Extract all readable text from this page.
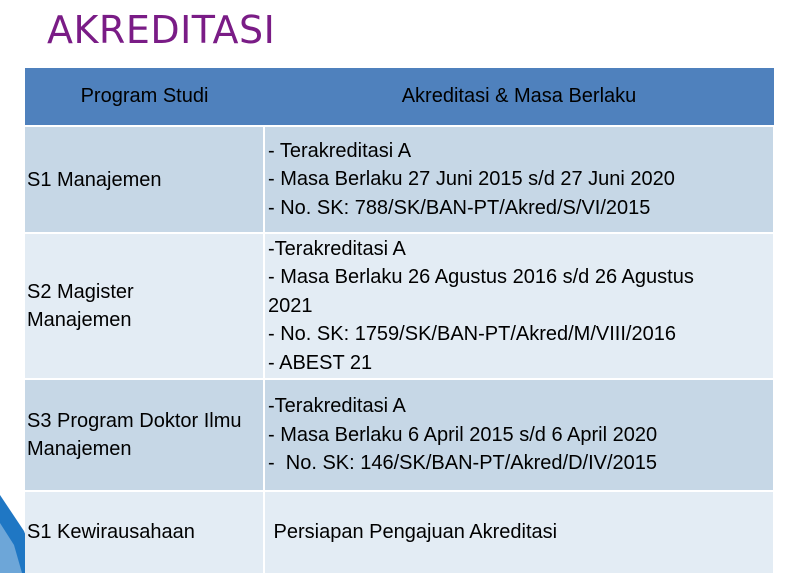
AKREDITASI
Program Studi	Akreditasi & Masa Berlaku

S1 Manajemen	- Terakreditasi A
- Masa Berlaku 27 Juni 2015 s/d 27 Juni 2020
- No. SK: 788/SK/BAN-PT/Akred/S/VI/2015

S2 Magister Manajemen	-Terakreditasi A
- Masa Berlaku 26 Agustus 2016 s/d 26 Agustus 2021
- No. SK: 1759/SK/BAN-PT/Akred/M/VIII/2016
- ABEST 21

S3 Program Doktor Ilmu Manajemen	-Terakreditasi A
- Masa Berlaku 6 April 2015 s/d 6 April 2020
-  No. SK: 146/SK/BAN-PT/Akred/D/IV/2015

S1 Kewirausahaan	Persiapan Pengajuan Akreditasi
